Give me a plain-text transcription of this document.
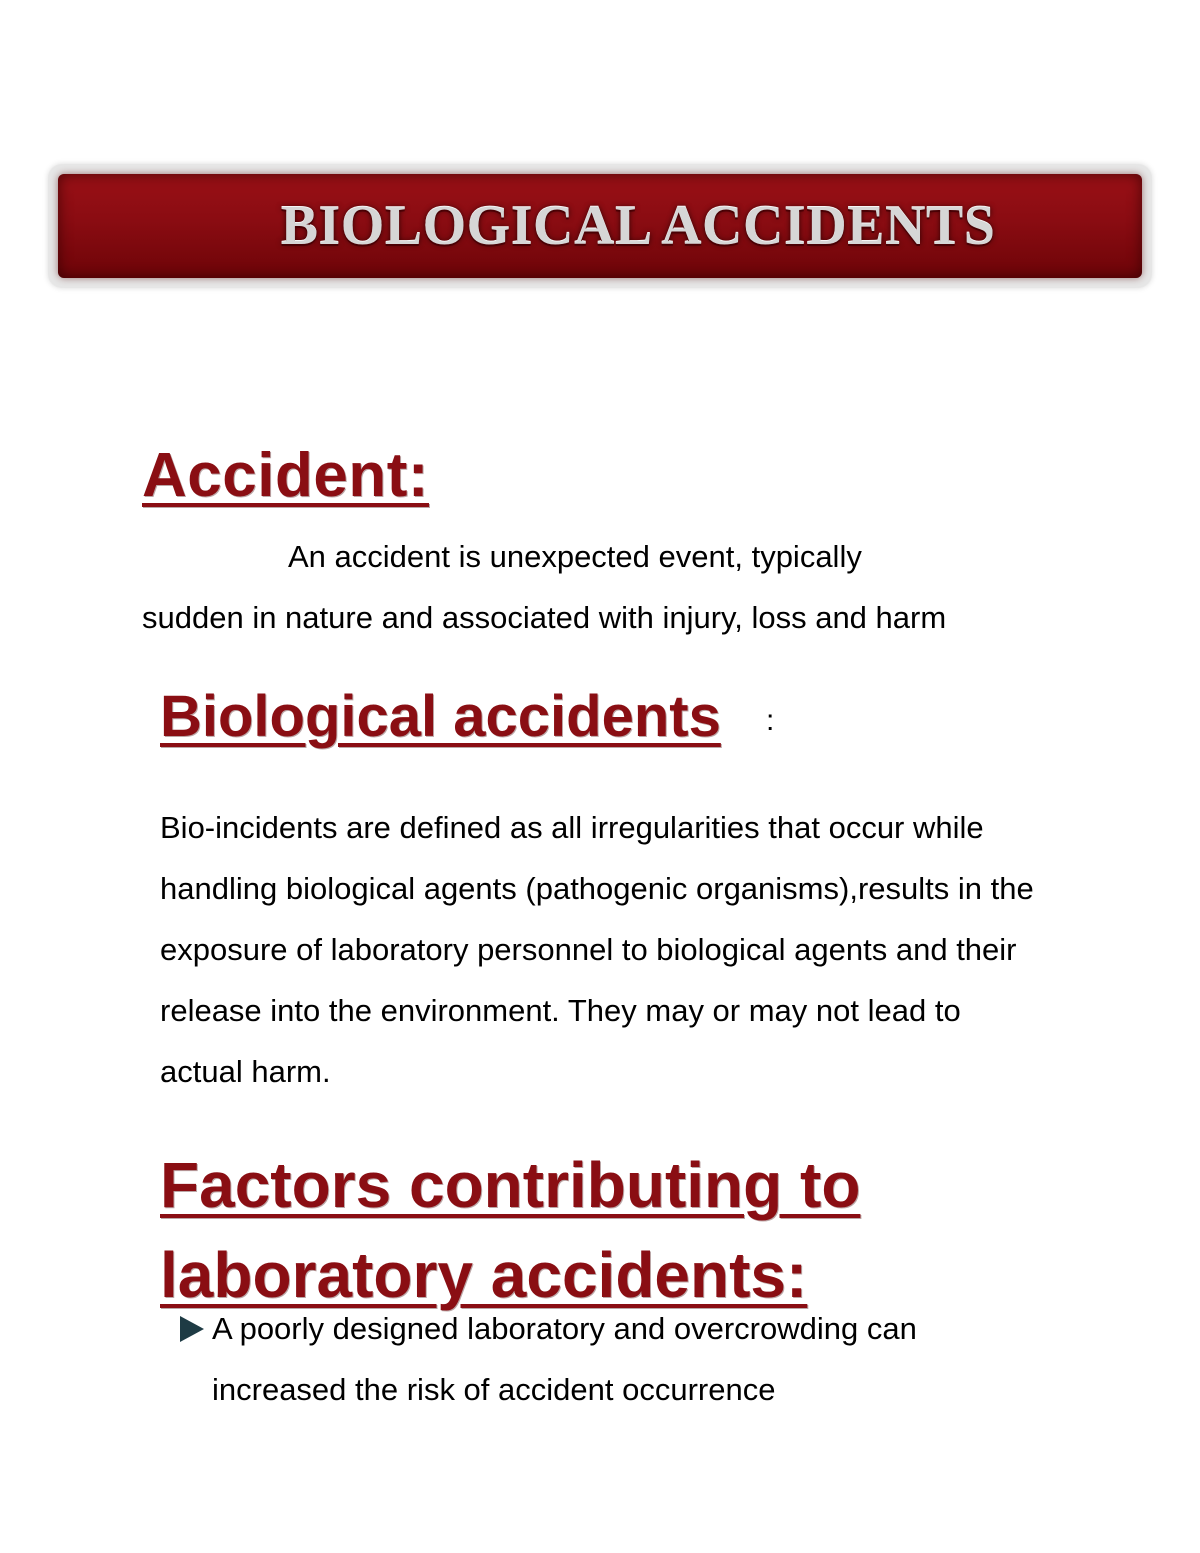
BIOLOGICAL ACCIDENTS
Accident:
An accident is unexpected event, typically
sudden in nature and associated with injury, loss and harm
Biological accidents :
Bio-incidents are defined as all irregularities that occur while handling biological agents (pathogenic organisms),results in the exposure of laboratory personnel to biological agents and their release into the environment. They may or may not lead to actual harm.
Factors contributing to laboratory accidents:
A poorly designed laboratory and overcrowding can increased the risk of accident occurrence
